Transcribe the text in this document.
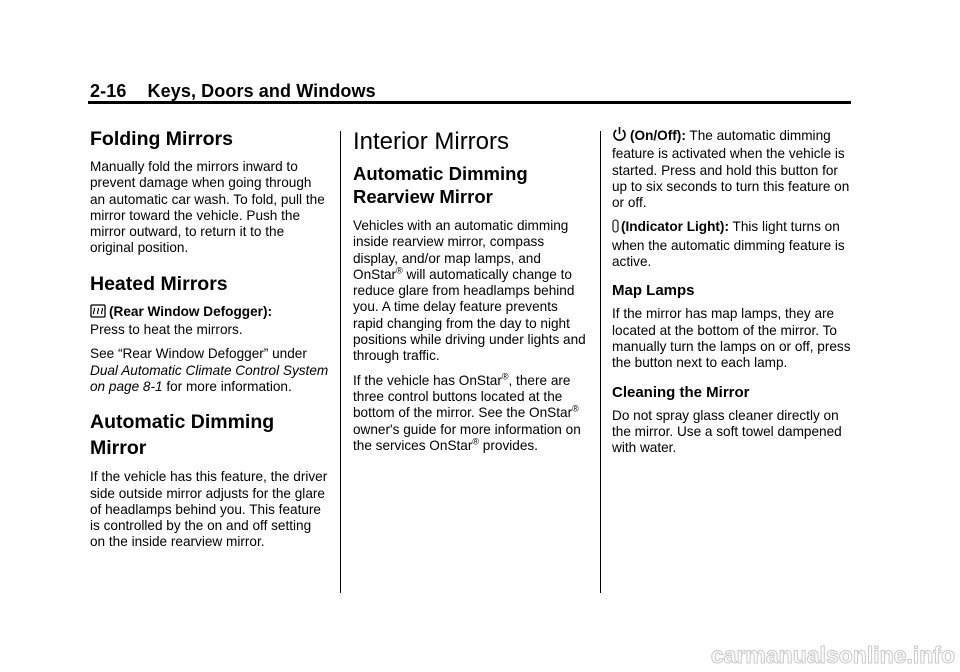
2-16 Keys, Doors and Windows
Folding Mirrors

Manually fold the mirrors inward to prevent damage when going through an automatic car wash. To fold, pull the mirror toward the vehicle. Push the mirror outward, to return it to the original position.

Heated Mirrors

(Rear Window Defogger):
Press to heat the mirrors.

See “Rear Window Defogger” under Dual Automatic Climate Control System on page 8-1 for more information.

Automatic Dimming
Mirror

If the vehicle has this feature, the driver side outside mirror adjusts for the glare of headlamps behind you. This feature is controlled by the on and off setting on the inside rearview mirror.

Interior Mirrors
Automatic Dimming
Rearview Mirror

Vehicles with an automatic dimming inside rearview mirror, compass display, and/or map lamps, and OnStar® will automatically change to reduce glare from headlamps behind you. A time delay feature prevents rapid changing from the day to night positions while driving under lights and through traffic.

If the vehicle has OnStar®, there are three control buttons located at the bottom of the mirror. See the OnStar® owner's guide for more information on the services OnStar® provides.

(On/Off): The automatic dimming feature is activated when the vehicle is started. Press and hold this button for up to six seconds to turn this feature on or off.

(Indicator Light): This light turns on when the automatic dimming feature is active.

Map Lamps

If the mirror has map lamps, they are located at the bottom of the mirror. To manually turn the lamps on or off, press the button next to each lamp.

Cleaning the Mirror

Do not spray glass cleaner directly on the mirror. Use a soft towel dampened with water.

carmanualsonline.info
